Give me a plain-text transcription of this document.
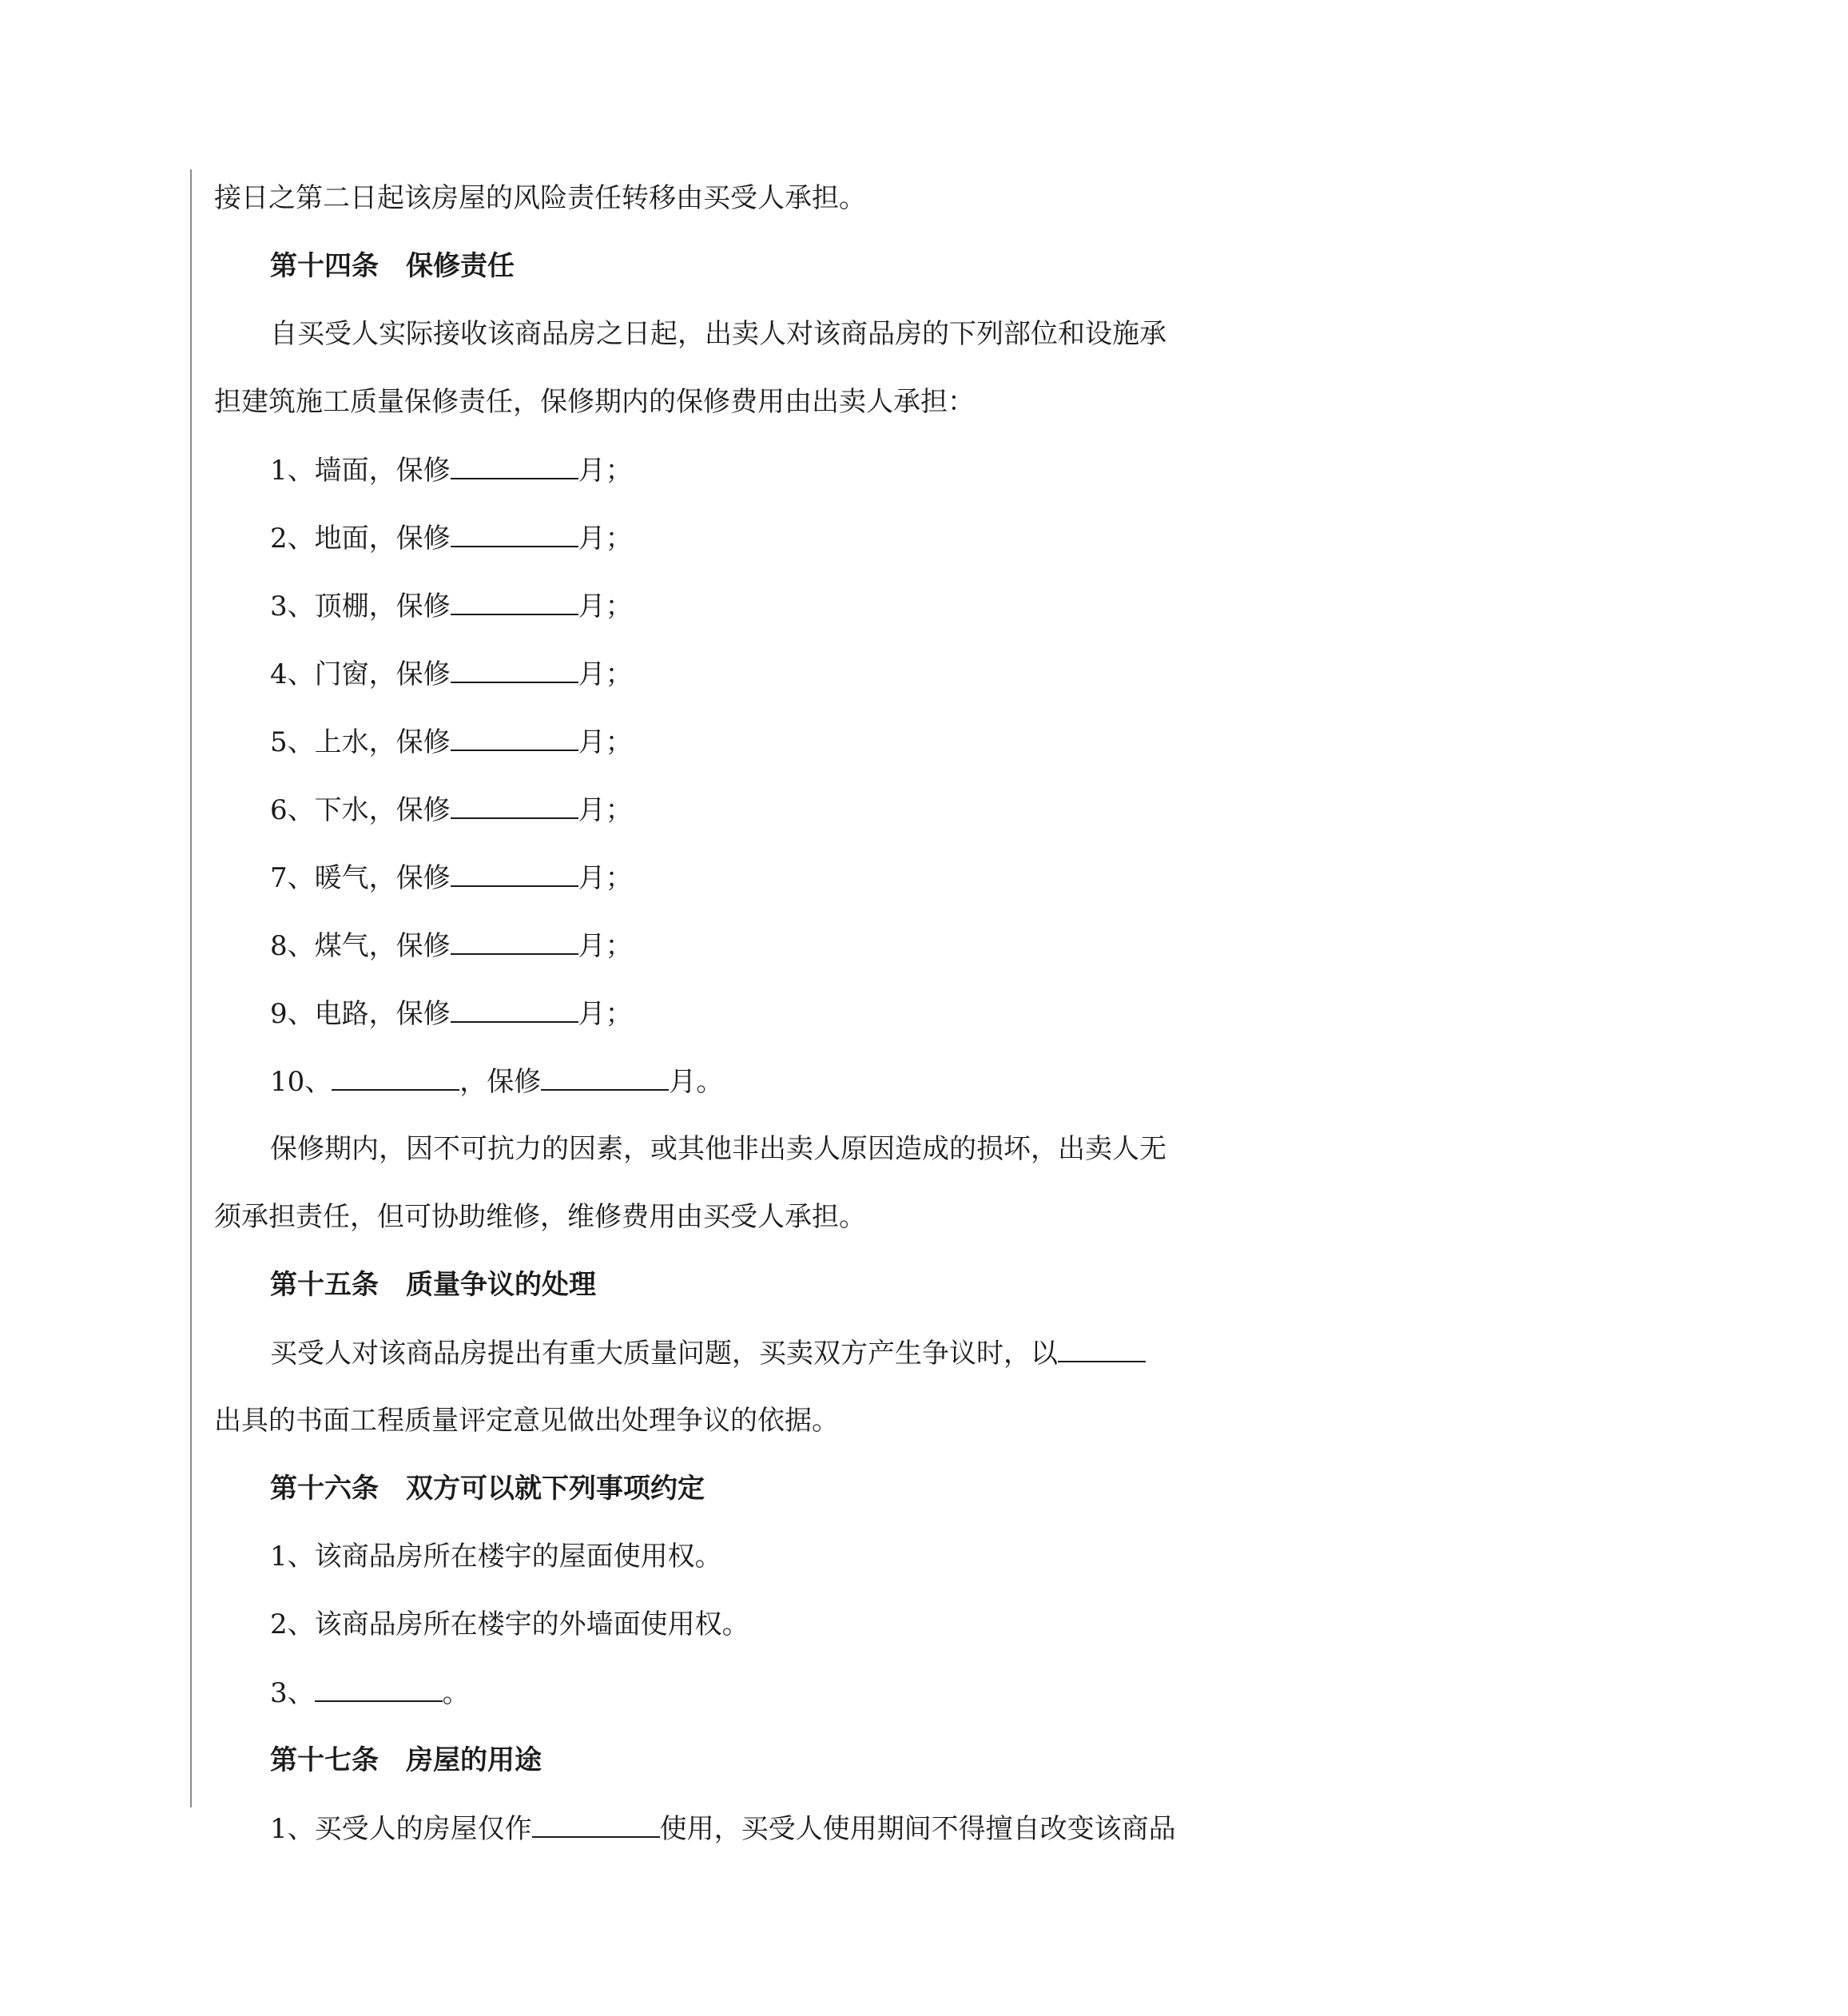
接日之第二日起该房屋的风险责任转移由买受人承担。
第十四条 保修责任
自买受人实际接收该商品房之日起，出卖人对该商品房的下列部位和设施承
担建筑施工质量保修责任，保修期内的保修费用由出卖人承担：
1、墙面，保修	月；
2、地面，保修	月；
3、顶棚，保修	月；
4、门窗，保修	月；
5、上水，保修	月；
6、下水，保修	月；
7、暖气，保修	月；
8、煤气，保修	月；
9、电路，保修	月；
10、	，保修	月。
保修期内，因不可抗力的因素，或其他非出卖人原因造成的损坏，出卖人无
须承担责任，但可协助维修，维修费用由买受人承担。
第十五条 质量争议的处理
买受人对该商品房提出有重大质量问题，买卖双方产生争议时，以
出具的书面工程质量评定意见做出处理争议的依据。
第十六条 双方可以就下列事项约定
1、该商品房所在楼宇的屋面使用权。
2、该商品房所在楼宇的外墙面使用权。
3、	。
第十七条 房屋的用途
1、买受人的房屋仅作	使用，买受人使用期间不得擅自改变该商品
